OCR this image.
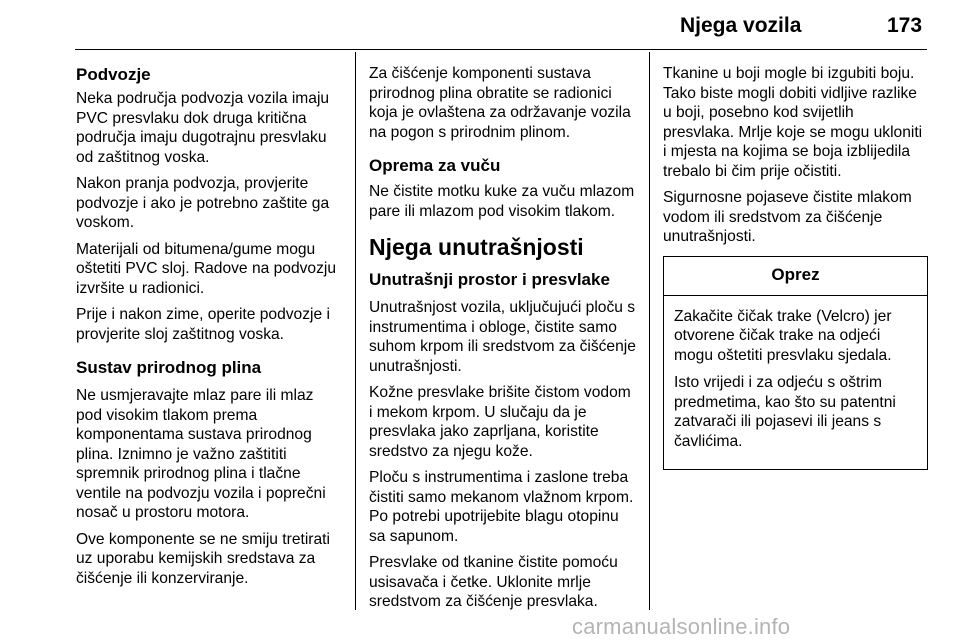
Njega vozila	173
Podvozje

Neka područja podvozja vozila imaju PVC presvlaku dok druga kritična područja imaju dugotrajnu presvlaku od zaštitnog voska.

Nakon pranja podvozja, provjerite podvozje i ako je potrebno zaštite ga voskom.

Materijali od bitumena/gume mogu oštetiti PVC sloj. Radove na podvozju izvršite u radionici.

Prije i nakon zime, operite podvozje i provjerite sloj zaštitnog voska.

Sustav prirodnog plina

Ne usmjeravajte mlaz pare ili mlaz pod visokim tlakom prema komponentama sustava prirodnog plina. Iznimno je važno zaštititi spremnik prirodnog plina i tlačne ventile na podvozju vozila i poprečni nosač u prostoru motora.

Ove komponente se ne smiju tretirati uz uporabu kemijskih sredstava za čišćenje ili konzerviranje.

Za čišćenje komponenti sustava prirodnog plina obratite se radionici koja je ovlaštena za održavanje vozila na pogon s prirodnim plinom.

Oprema za vuču

Ne čistite motku kuke za vuču mlazom pare ili mlazom pod visokim tlakom.

Njega unutrašnjosti
Unutrašnji prostor i presvlake

Unutrašnjost vozila, uključujući ploču s instrumentima i obloge, čistite samo suhom krpom ili sredstvom za čišćenje unutrašnjosti.

Kožne presvlake brišite čistom vodom i mekom krpom. U slučaju da je presvlaka jako zaprljana, koristite sredstvo za njegu kože.

Ploču s instrumentima i zaslone treba čistiti samo mekanom vlažnom krpom. Po potrebi upotrijebite blagu otopinu sa sapunom.

Presvlake od tkanine čistite pomoću usisavača i četke. Uklonite mrlje sredstvom za čišćenje presvlaka.

Tkanine u boji mogle bi izgubiti boju. Tako biste mogli dobiti vidljive razlike u boji, posebno kod svijetlih presvlaka. Mrlje koje se mogu ukloniti i mjesta na kojima se boja izblijedila trebalo bi čim prije očistiti.

Sigurnosne pojaseve čistite mlakom vodom ili sredstvom za čišćenje unutrašnjosti.

Oprez

Zakačite čičak trake (Velcro) jer otvorene čičak trake na odjeći mogu oštetiti presvlaku sjedala.

Isto vrijedi i za odjeću s oštrim predmetima, kao što su patentni zatvarači ili pojasevi ili jeans s čavlićima.

carmanualsonline.info
